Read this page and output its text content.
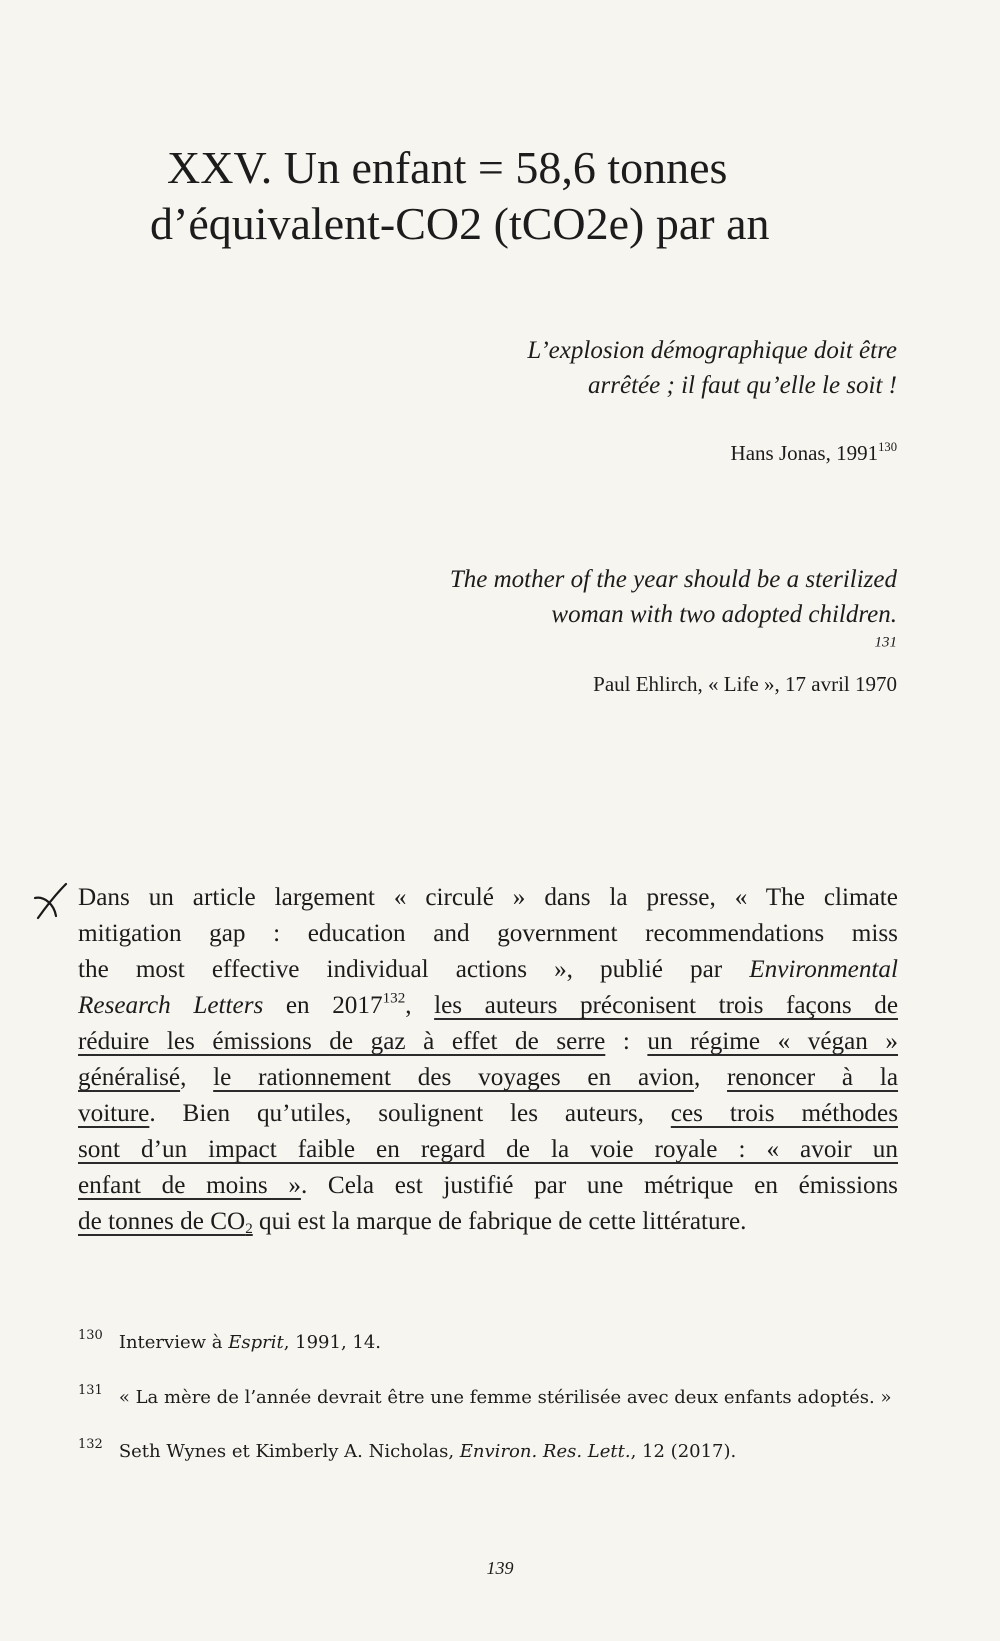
XXV. Un enfant = 58,6 tonnes
d’équivalent-CO2 (tCO2e) par an
L’explosion démographique doit être
arrêtée ; il faut qu’elle le soit !
Hans Jonas, 1991$^{130}$
The mother of the year should be a sterilized
woman with two adopted children.
$^{131}$
Paul Ehlirch, « Life », 17 avril 1970

Dans un article largement « circulé » dans la presse, « The climate
mitigation gap : education and government recommendations miss
the most effective individual actions », publié par Environmental
Research Letters en 2017$^{132}$, les auteurs préconisent trois façons de
réduire les émissions de gaz à effet de serre : un régime « végan »
généralisé, le rationnement des voyages en avion, renoncer à la
voiture. Bien qu’utiles, soulignent les auteurs, ces trois méthodes
sont d’un impact faible en regard de la voie royale : « avoir un
enfant de moins ». Cela est justifié par une métrique en émissions
de tonnes de $CO_2$ qui est la marque de fabrique de cette littérature.

$^{130}$ Interview à Esprit, 1991, 14.

$^{131}$ « La mère de l’année devrait être une femme stérilisée avec deux enfants adoptés. »

$^{132}$ Seth Wynes et Kimberly A. Nicholas, Environ. Res. Lett., 12 (2017).

139
